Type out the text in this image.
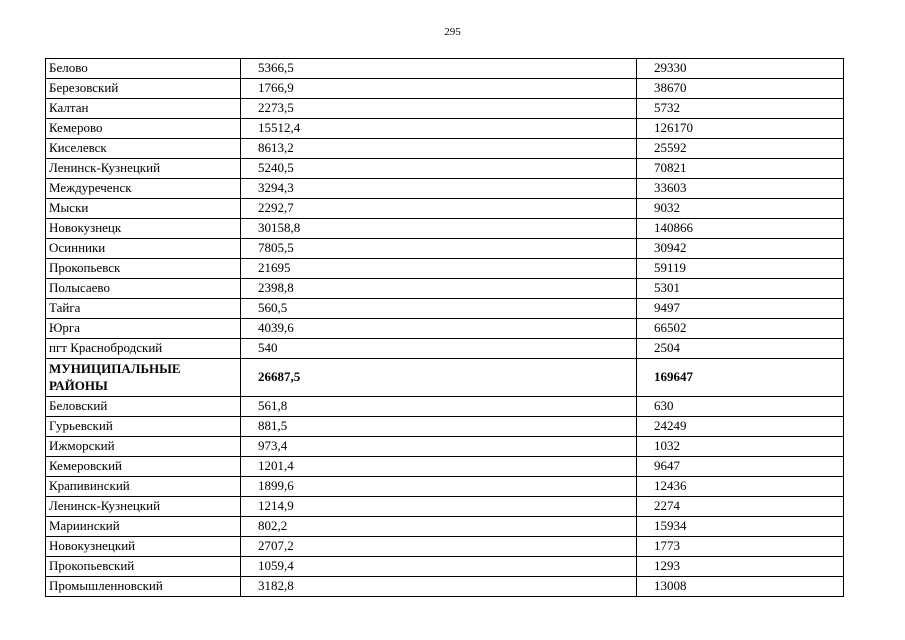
295
Белово	5366,5	29330
Березовский	1766,9	38670
Калтан	2273,5	5732
Кемерово	15512,4	126170
Киселевск	8613,2	25592
Ленинск-Кузнецкий	5240,5	70821
Междуреченск	3294,3	33603
Мыски	2292,7	9032
Новокузнецк	30158,8	140866
Осинники	7805,5	30942
Прокопьевск	21695	59119
Полысаево	2398,8	5301
Тайга	560,5	9497
Юрга	4039,6	66502
пгт Краснобродский	540	2504

МУНИЦИПАЛЬНЫЕ
РАЙОНЫ	26687,5	169647
Беловский	561,8	630
Гурьевский	881,5	24249
Ижморский	973,4	1032
Кемеровский	1201,4	9647
Крапивинский	1899,6	12436
Ленинск-Кузнецкий	1214,9	2274
Мариинский	802,2	15934
Новокузнецкий	2707,2	1773
Прокопьевский	1059,4	1293
Промышленновский	3182,8	13008
